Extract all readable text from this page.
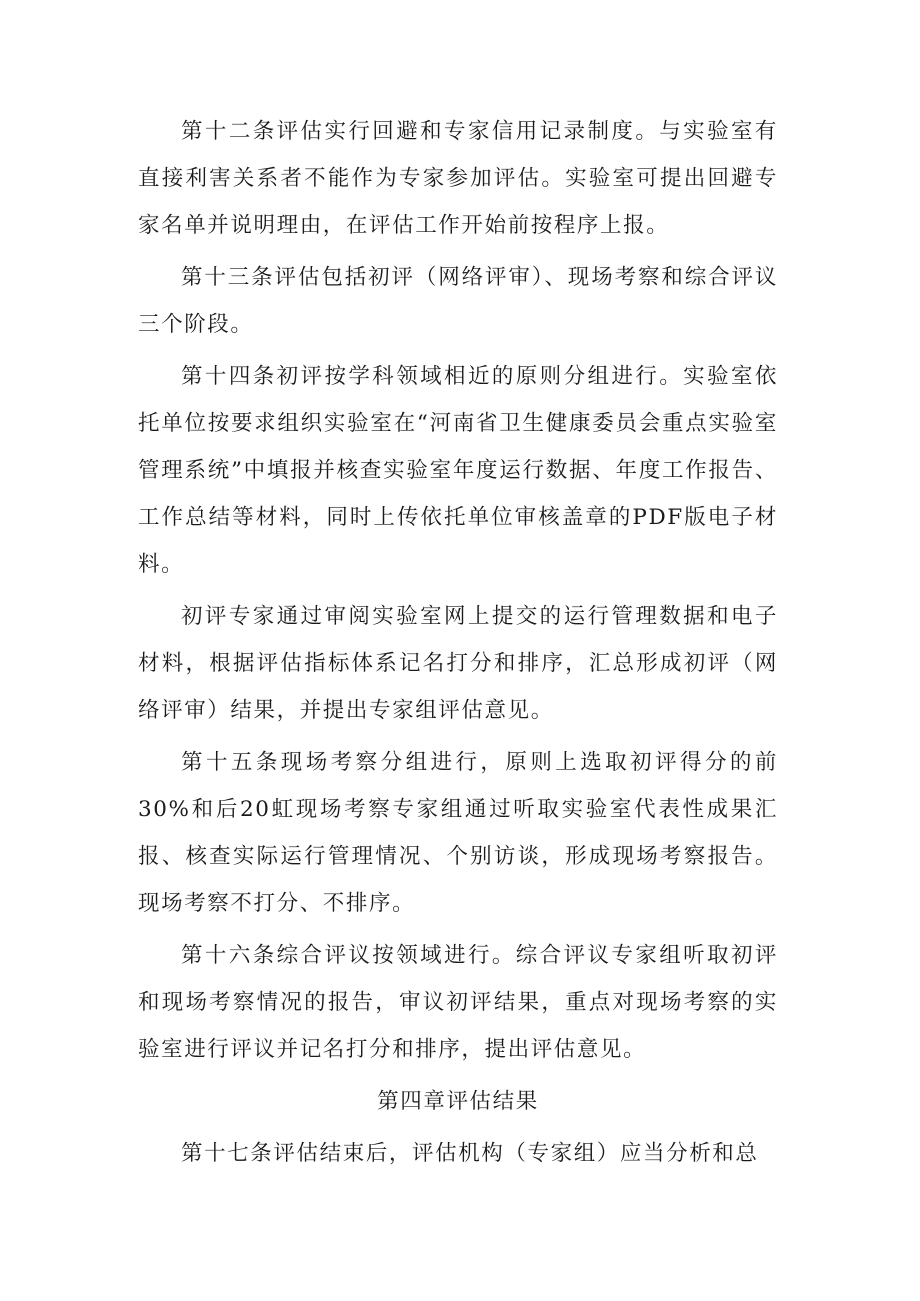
第十二条评估实行回避和专家信用记录制度。与实验室有直接利害关系者不能作为专家参加评估。实验室可提出回避专家名单并说明理由，在评估工作开始前按程序上报。

第十三条评估包括初评（网络评审）、现场考察和综合评议三个阶段。

第十四条初评按学科领域相近的原则分组进行。实验室依托单位按要求组织实验室在“河南省卫生健康委员会重点实验室管理系统”中填报并核查实验室年度运行数据、年度工作报告、工作总结等材料，同时上传依托单位审核盖章的PDF版电子材料。

初评专家通过审阅实验室网上提交的运行管理数据和电子材料，根据评估指标体系记名打分和排序，汇总形成初评（网络评审）结果，并提出专家组评估意见。

第十五条现场考察分组进行，原则上选取初评得分的前30%和后20虹现场考察专家组通过听取实验室代表性成果汇报、核查实际运行管理情况、个别访谈，形成现场考察报告。现场考察不打分、不排序。

第十六条综合评议按领域进行。综合评议专家组听取初评和现场考察情况的报告，审议初评结果，重点对现场考察的实验室进行评议并记名打分和排序，提出评估意见。

第四章评估结果

第十七条评估结束后，评估机构（专家组）应当分析和总
